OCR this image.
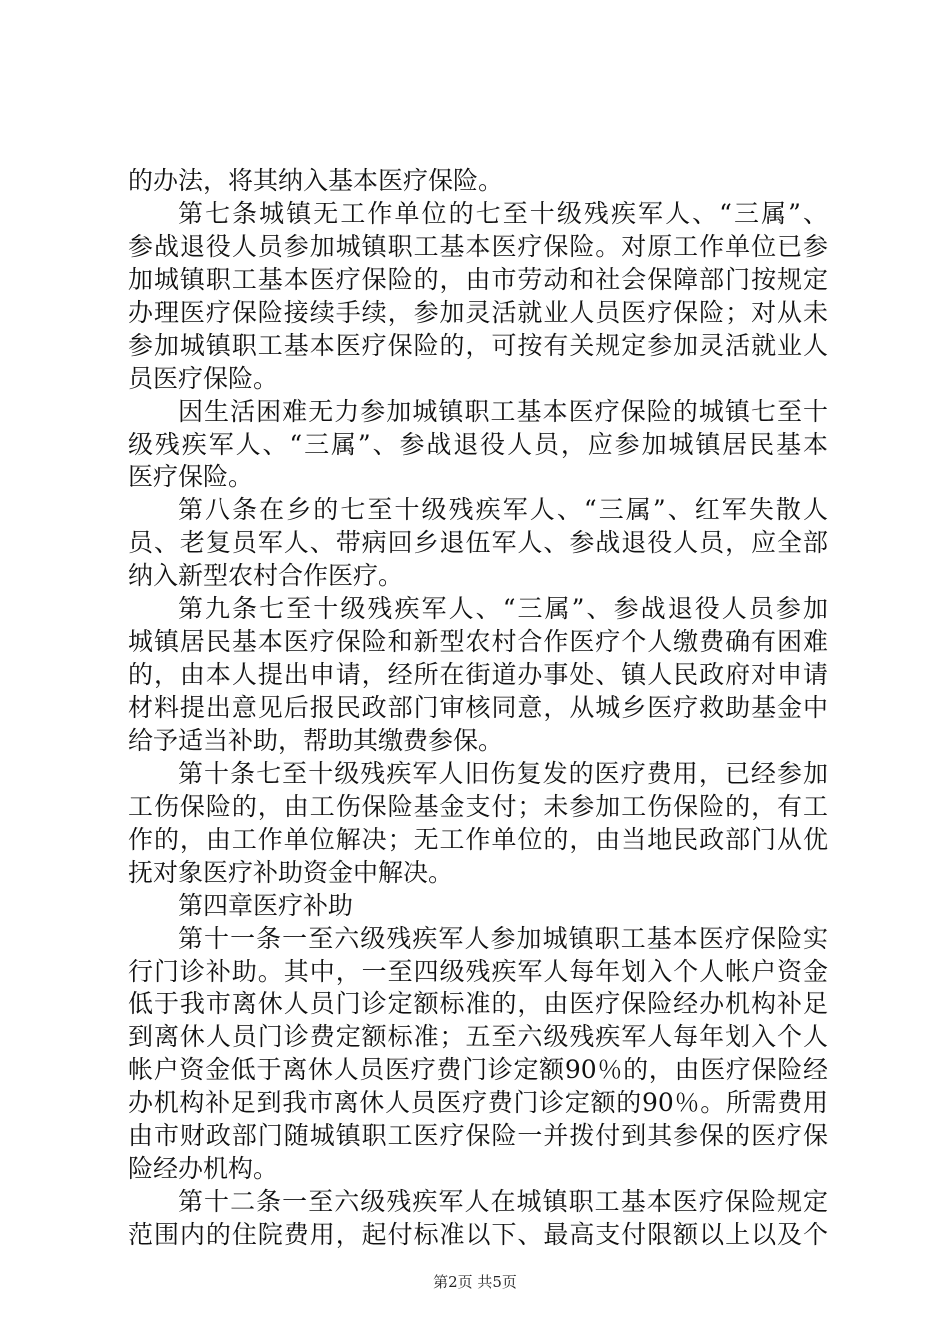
的办法，将其纳入基本医疗保险。
第七条城镇无工作单位的七至十级残疾军人、“三属”、
参战退役人员参加城镇职工基本医疗保险。对原工作单位已参
加城镇职工基本医疗保险的，由市劳动和社会保障部门按规定
办理医疗保险接续手续，参加灵活就业人员医疗保险；对从未
参加城镇职工基本医疗保险的，可按有关规定参加灵活就业人
员医疗保险。
因生活困难无力参加城镇职工基本医疗保险的城镇七至十
级残疾军人、“三属”、参战退役人员，应参加城镇居民基本
医疗保险。
第八条在乡的七至十级残疾军人、“三属”、红军失散人
员、老复员军人、带病回乡退伍军人、参战退役人员，应全部
纳入新型农村合作医疗。
第九条七至十级残疾军人、“三属”、参战退役人员参加
城镇居民基本医疗保险和新型农村合作医疗个人缴费确有困难
的，由本人提出申请，经所在街道办事处、镇人民政府对申请
材料提出意见后报民政部门审核同意，从城乡医疗救助基金中
给予适当补助，帮助其缴费参保。
第十条七至十级残疾军人旧伤复发的医疗费用，已经参加
工伤保险的，由工伤保险基金支付；未参加工伤保险的，有工
作的，由工作单位解决；无工作单位的，由当地民政部门从优
抚对象医疗补助资金中解决。
第四章医疗补助
第十一条一至六级残疾军人参加城镇职工基本医疗保险实
行门诊补助。其中，一至四级残疾军人每年划入个人帐户资金
低于我市离休人员门诊定额标准的，由医疗保险经办机构补足
到离休人员门诊费定额标准；五至六级残疾军人每年划入个人
帐户资金低于离休人员医疗费门诊定额90％的，由医疗保险经
办机构补足到我市离休人员医疗费门诊定额的90％。所需费用
由市财政部门随城镇职工医疗保险一并拨付到其参保的医疗保
险经办机构。
第十二条一至六级残疾军人在城镇职工基本医疗保险规定
范围内的住院费用，起付标准以下、最高支付限额以上以及个
第2页 共5页
